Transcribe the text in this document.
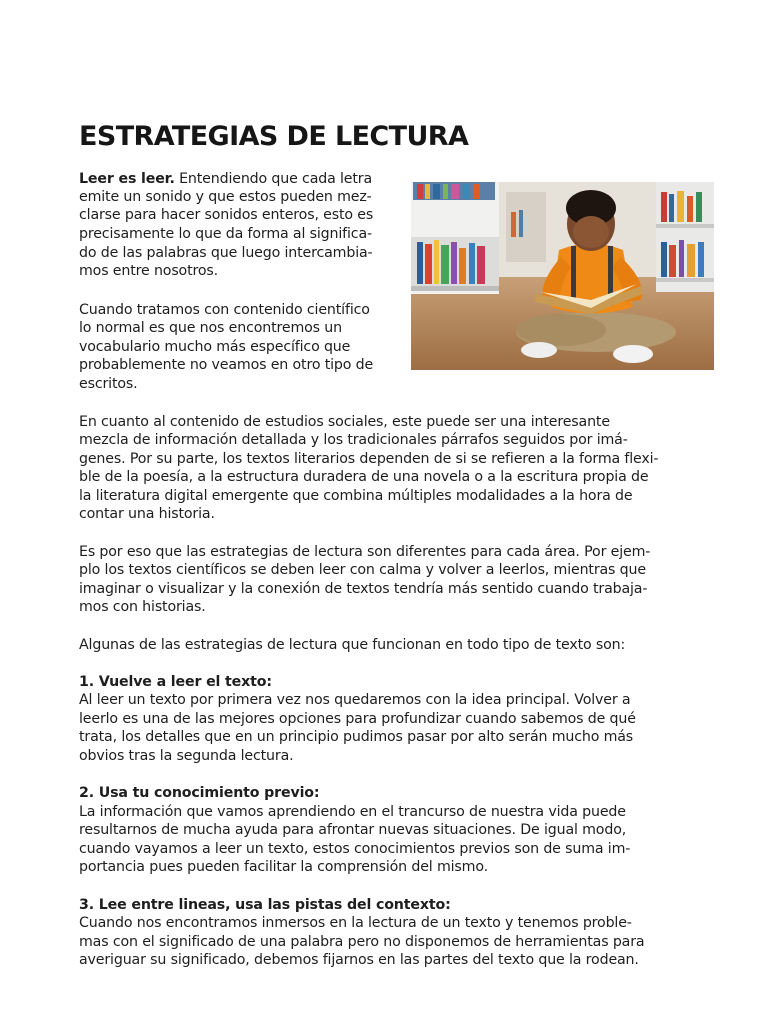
ESTRATEGIAS DE LECTURA
Leer es leer. Entendiendo que cada letra
emite un sonido y que estos pueden mez-
clarse para hacer sonidos enteros, esto es
precisamente lo que da forma al significa-
do de las palabras que luego intercambia-
mos entre nosotros.
Cuando tratamos con contenido científico
lo normal es que nos encontremos un
vocabulario mucho más específico que
probablemente no veamos en otro tipo de
escritos.
En cuanto al contenido de estudios sociales, este puede ser una interesante
mezcla de información detallada y los tradicionales párrafos seguidos por imá-
genes. Por su parte, los textos literarios dependen de si se refieren a la forma flexi-
ble de la poesía, a la estructura duradera de una novela o a la escritura propia de
la literatura digital emergente que combina múltiples modalidades a la hora de
contar una historia.
Es por eso que las estrategias de lectura son diferentes para cada área. Por ejem-
plo los textos científicos se deben leer con calma y volver a leerlos, mientras que
imaginar o visualizar y la conexión de textos tendría más sentido cuando trabaja-
mos con historias.
Algunas de las estrategias de lectura que funcionan en todo tipo de texto son:
1. Vuelve a leer el texto:
Al leer un texto por primera vez nos quedaremos con la idea principal. Volver a
leerlo es una de las mejores opciones para profundizar cuando sabemos de qué
trata, los detalles que en un principio pudimos pasar por alto serán mucho más
obvios tras la segunda lectura.
2. Usa tu conocimiento previo:
La información que vamos aprendiendo en el trancurso de nuestra vida puede
resultarnos de mucha ayuda para afrontar nuevas situaciones. De igual modo,
cuando vayamos a leer un texto, estos conocimientos previos son de suma im-
portancia pues pueden facilitar la comprensión del mismo.
3. Lee entre lineas, usa las pistas del contexto:
Cuando nos encontramos inmersos en la lectura de un texto y tenemos proble-
mas con el significado de una palabra pero no disponemos de herramientas para
averiguar su significado, debemos fijarnos en las partes del texto que la rodean.
